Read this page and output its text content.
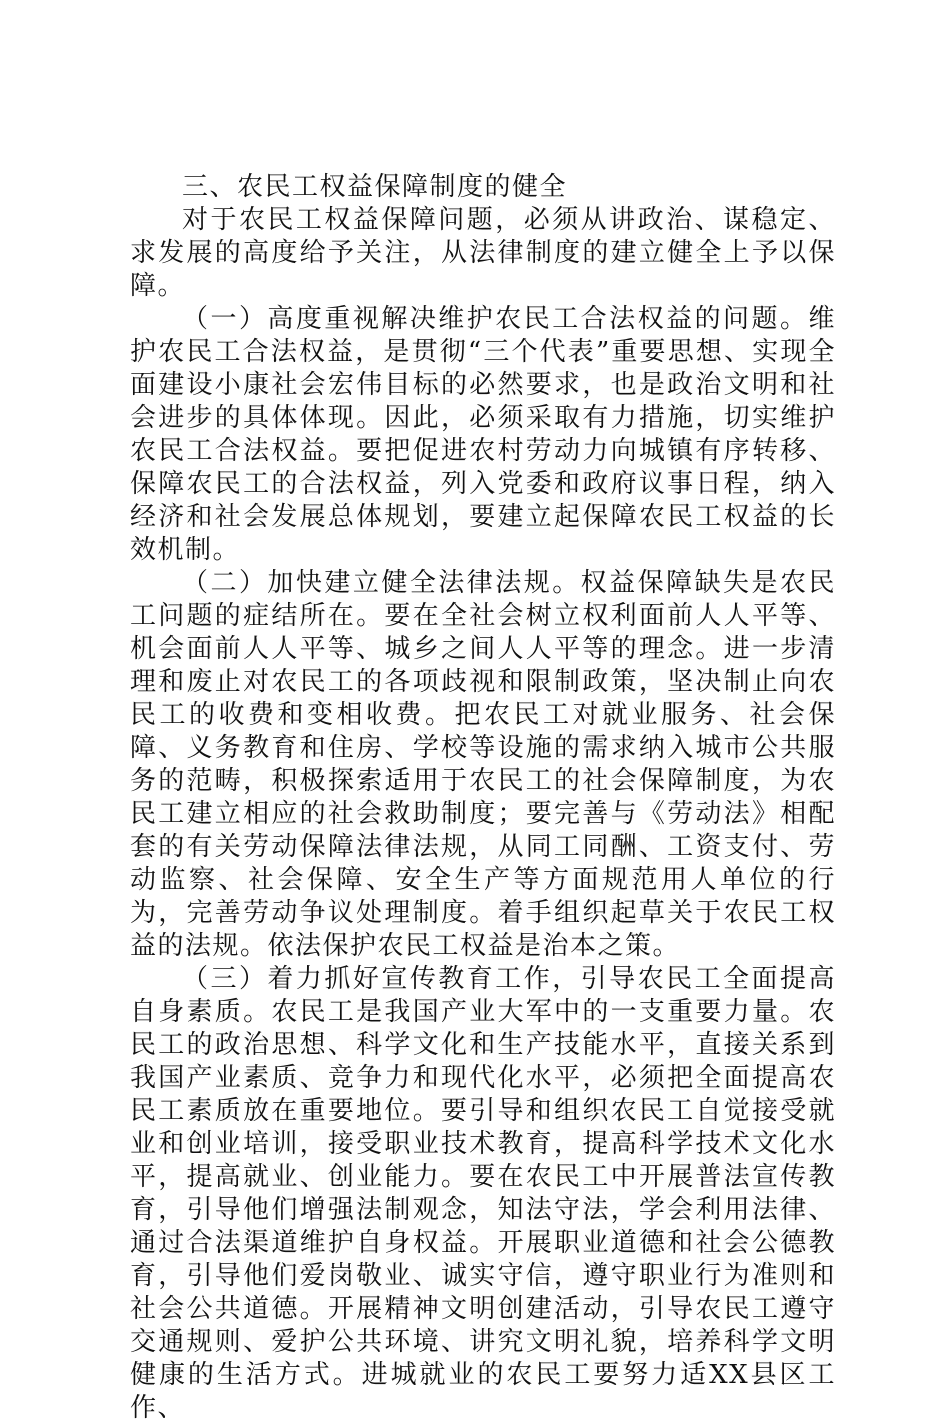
三、农民工权益保障制度的健全

对于农民工权益保障问题，必须从讲政治、谋稳定、求发展的高度给予关注，从法律制度的建立健全上予以保障。

（一）高度重视解决维护农民工合法权益的问题。维护农民工合法权益，是贯彻“三个代表”重要思想、实现全面建设小康社会宏伟目标的必然要求，也是政治文明和社会进步的具体体现。因此，必须采取有力措施，切实维护农民工合法权益。要把促进农村劳动力向城镇有序转移、保障农民工的合法权益，列入党委和政府议事日程，纳入经济和社会发展总体规划，要建立起保障农民工权益的长效机制。

（二）加快建立健全法律法规。权益保障缺失是农民工问题的症结所在。要在全社会树立权利面前人人平等、机会面前人人平等、城乡之间人人平等的理念。进一步清理和废止对农民工的各项歧视和限制政策，坚决制止向农民工的收费和变相收费。把农民工对就业服务、社会保障、义务教育和住房、学校等设施的需求纳入城市公共服务的范畴，积极探索适用于农民工的社会保障制度，为农民工建立相应的社会救助制度；要完善与《劳动法》相配套的有关劳动保障法律法规，从同工同酬、工资支付、劳动监察、社会保障、安全生产等方面规范用人单位的行为，完善劳动争议处理制度。着手组织起草关于农民工权益的法规。依法保护农民工权益是治本之策。

（三）着力抓好宣传教育工作，引导农民工全面提高自身素质。农民工是我国产业大军中的一支重要力量。农民工的政治思想、科学文化和生产技能水平，直接关系到我国产业素质、竞争力和现代化水平，必须把全面提高农民工素质放在重要地位。要引导和组织农民工自觉接受就业和创业培训，接受职业技术教育，提高科学技术文化水平，提高就业、创业能力。要在农民工中开展普法宣传教育，引导他们增强法制观念，知法守法，学会利用法律、通过合法渠道维护自身权益。开展职业道德和社会公德教育，引导他们爱岗敬业、诚实守信，遵守职业行为准则和社会公共道德。开展精神文明创建活动，引导农民工遵守交通规则、爱护公共环境、讲究文明礼貌，培养科学文明健康的生活方式。进城就业的农民工要努力适XX县区工作、
